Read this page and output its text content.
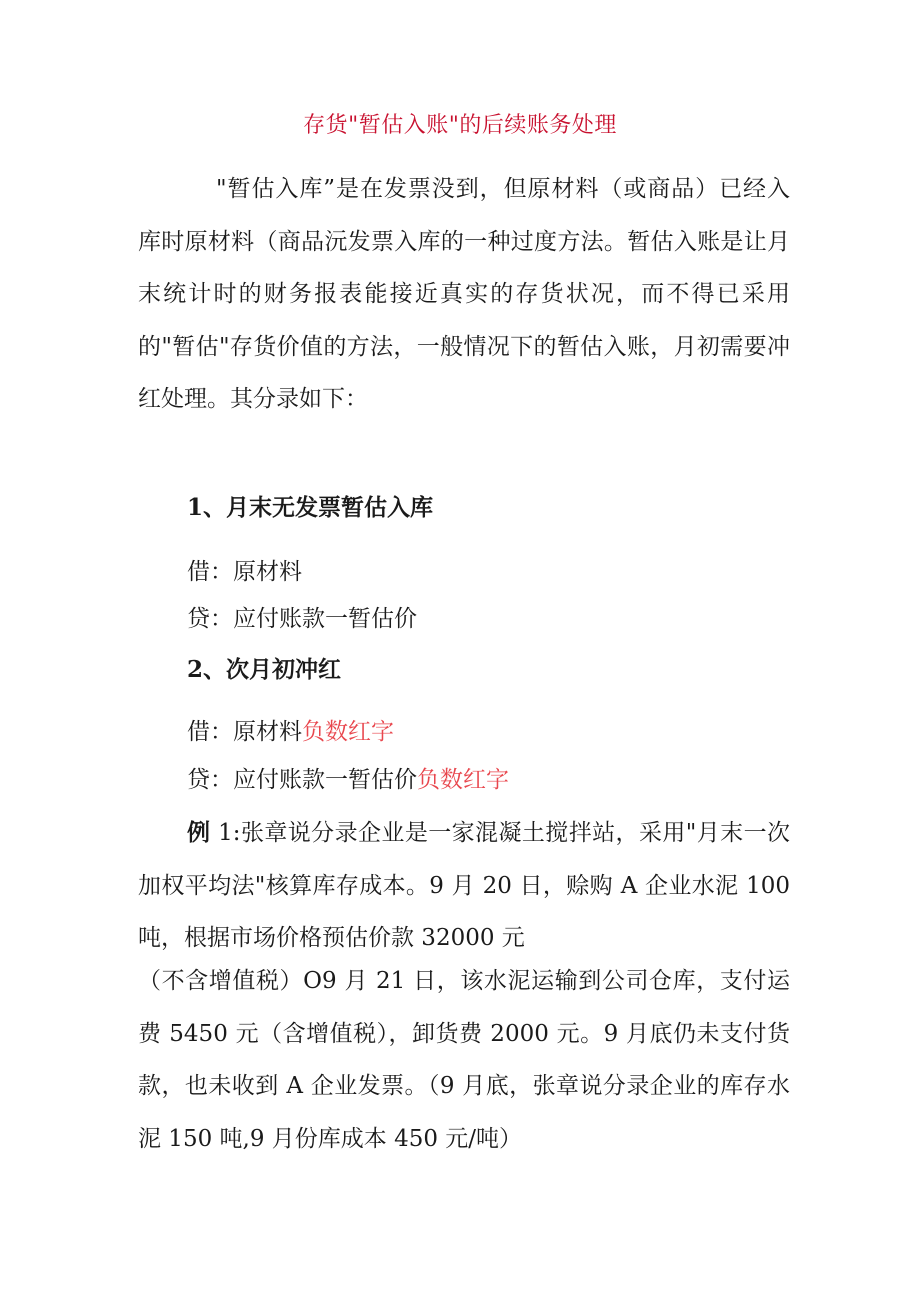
存货"暂估入账"的后续账务处理
"暂估入库”是在发票没到，但原材料（或商品）已经入库时原材料（商品沅发票入库的一种过度方法。暂估入账是让月末统计时的财务报表能接近真实的存货状况，而不得已采用的"暂估"存货价值的方法，一般情况下的暂估入账，月初需要冲红处理。其分录如下：
1、月末无发票暂估入库
借：原材料
贷：应付账款一暂估价
2、次月初冲红
借：原材料负数红字
贷：应付账款一暂估价负数红字
例 1:张章说分录企业是一家混凝土搅拌站，采用"月末一次加权平均法"核算库存成本。9 月 20 日，赊购 A 企业水泥 100 吨，根据市场价格预估价款 32000 元
（不含增值税）O9 月 21 日，该水泥运输到公司仓库，支付运费 5450 元（含增值税），卸货费 2000 元。9 月底仍未支付货款，也未收到 A 企业发票。（9 月底，张章说分录企业的库存水泥 150 吨,9 月份库成本 450 元/吨）
